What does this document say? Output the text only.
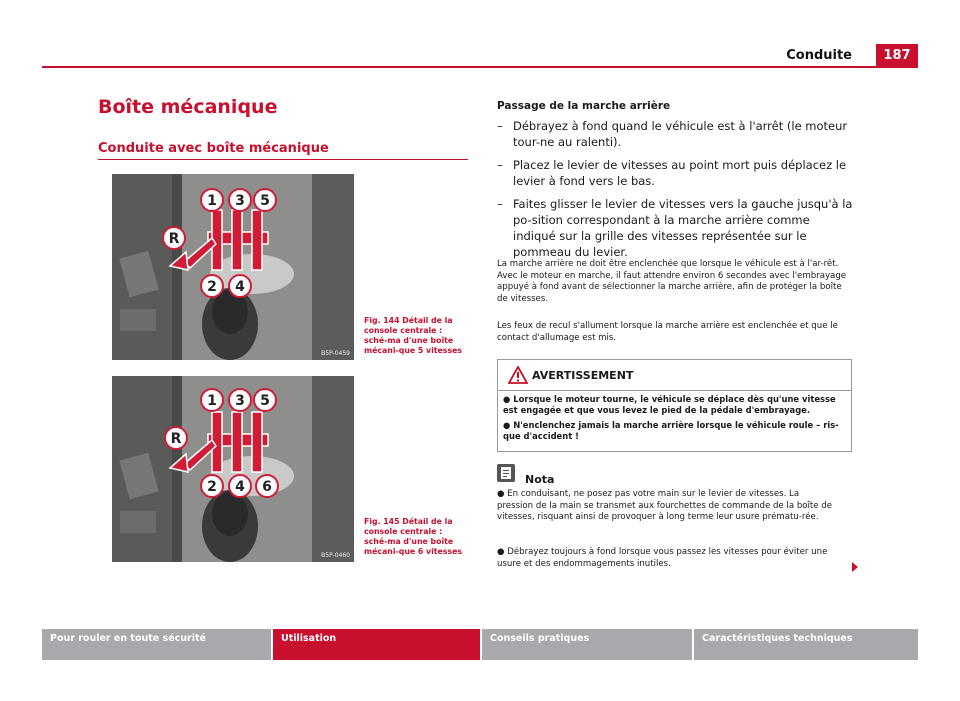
Conduite	187
Boîte mécanique
Conduite avec boîte mécanique
1 3 5
2 4
R
B5P-0459
Fig. 144 Détail de la console centrale : sché-ma d'une boîte mécani-que 5 vitesses
1 3 5
2 4 6
R
B5P-0460
Fig. 145 Détail de la console centrale : sché-ma d'une boîte mécani-que 6 vitesses
Passage de la marche arrière
– Débrayez à fond quand le véhicule est à l'arrêt (le moteur tour-ne au ralenti).
– Placez le levier de vitesses au point mort puis déplacez le levier à fond vers le bas.
– Faites glisser le levier de vitesses vers la gauche jusqu'à la po-sition correspondant à la marche arrière comme indiqué sur la grille des vitesses représentée sur le pommeau du levier.
La marche arrière ne doit être enclenchée que lorsque le véhicule est à l'ar-rêt. Avec le moteur en marche, il faut attendre environ 6 secondes avec l'embrayage appuyé à fond avant de sélectionner la marche arrière, afin de protéger la boîte de vitesses.
Les feux de recul s'allument lorsque la marche arrière est enclenchée et que le contact d'allumage est mis.
AVERTISSEMENT
● Lorsque le moteur tourne, le véhicule se déplace dès qu'une vitesse est engagée et que vous levez le pied de la pédale d'embrayage.
● N'enclenchez jamais la marche arrière lorsque le véhicule roule – ris-que d'accident !
Nota
● En conduisant, ne posez pas votre main sur le levier de vitesses. La pression de la main se transmet aux fourchettes de commande de la boîte de vitesses, risquant ainsi de provoquer à long terme leur usure prématu-rée.
● Débrayez toujours à fond lorsque vous passez les vitesses pour éviter une usure et des endommagements inutiles.
Pour rouler en toute sécurité	Utilisation	Conseils pratiques	Caractéristiques techniques
